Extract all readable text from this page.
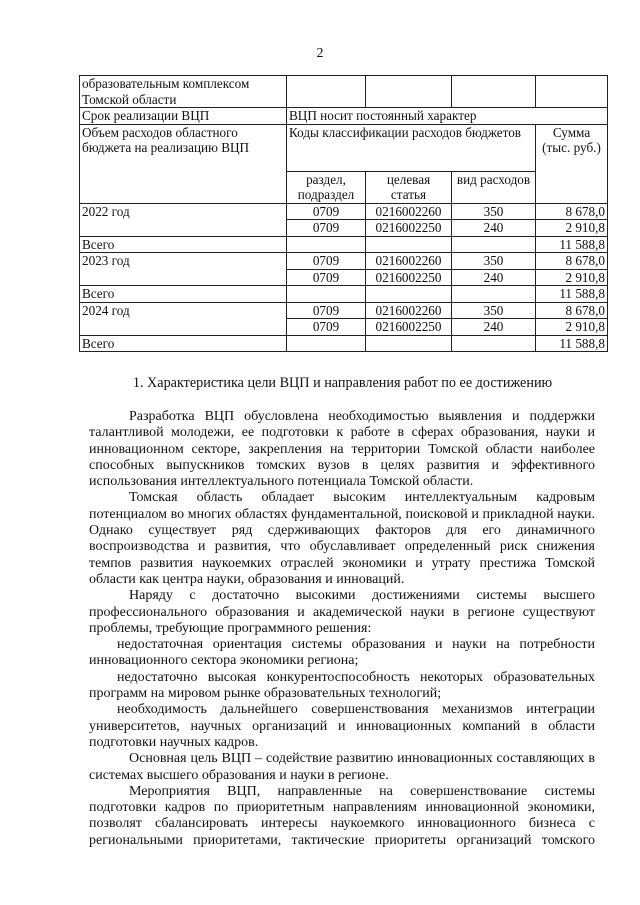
2
образовательным комплексом Томской области				
Срок реализации ВЦП	ВЦП носит постоянный характер			
Объем расходов областного бюджета на реализацию ВЦП	Коды классификации расходов бюджетов			Сумма (тыс. руб.)
	раздел, подраздел	целевая статья	вид расходов	
2022 год	0709	0216002260	350	8 678,0
	0709	0216002250	240	2 910,8
Всего				11 588,8
2023 год	0709	0216002260	350	8 678,0
	0709	0216002250	240	2 910,8
Всего				11 588,8
2024 год	0709	0216002260	350	8 678,0
	0709	0216002250	240	2 910,8
Всего				11 588,8
1. Характеристика цели ВЦП и направления работ по ее достижению

Разработка ВЦП обусловлена необходимостью выявления и поддержки талантливой молодежи, ее подготовки к работе в сферах образования, науки и инновационном секторе, закрепления на территории Томской области наиболее способных выпускников томских вузов в целях развития и эффективного использования интеллектуального потенциала Томской области.

Томская область обладает высоким интеллектуальным кадровым потенциалом во многих областях фундаментальной, поисковой и прикладной науки. Однако существует ряд сдерживающих факторов для его динамичного воспроизводства и развития, что обуславливает определенный риск снижения темпов развития наукоемких отраслей экономики и утрату престижа Томской области как центра науки, образования и инноваций.

Наряду с достаточно высокими достижениями системы высшего профессионального образования и академической науки в регионе существуют проблемы, требующие программного решения:

недостаточная ориентация системы образования и науки на потребности инновационного сектора экономики региона;

недостаточно высокая конкурентоспособность некоторых образовательных программ на мировом рынке образовательных технологий;

необходимость дальнейшего совершенствования механизмов интеграции университетов, научных организаций и инновационных компаний в области подготовки научных кадров.

Основная цель ВЦП – содействие развитию инновационных составляющих в системах высшего образования и науки в регионе.

Мероприятия ВЦП, направленные на совершенствование системы подготовки кадров по приоритетным направлениям инновационной экономики, позволят сбалансировать интересы наукоемкого инновационного бизнеса с региональными приоритетами, тактические приоритеты организаций томского
